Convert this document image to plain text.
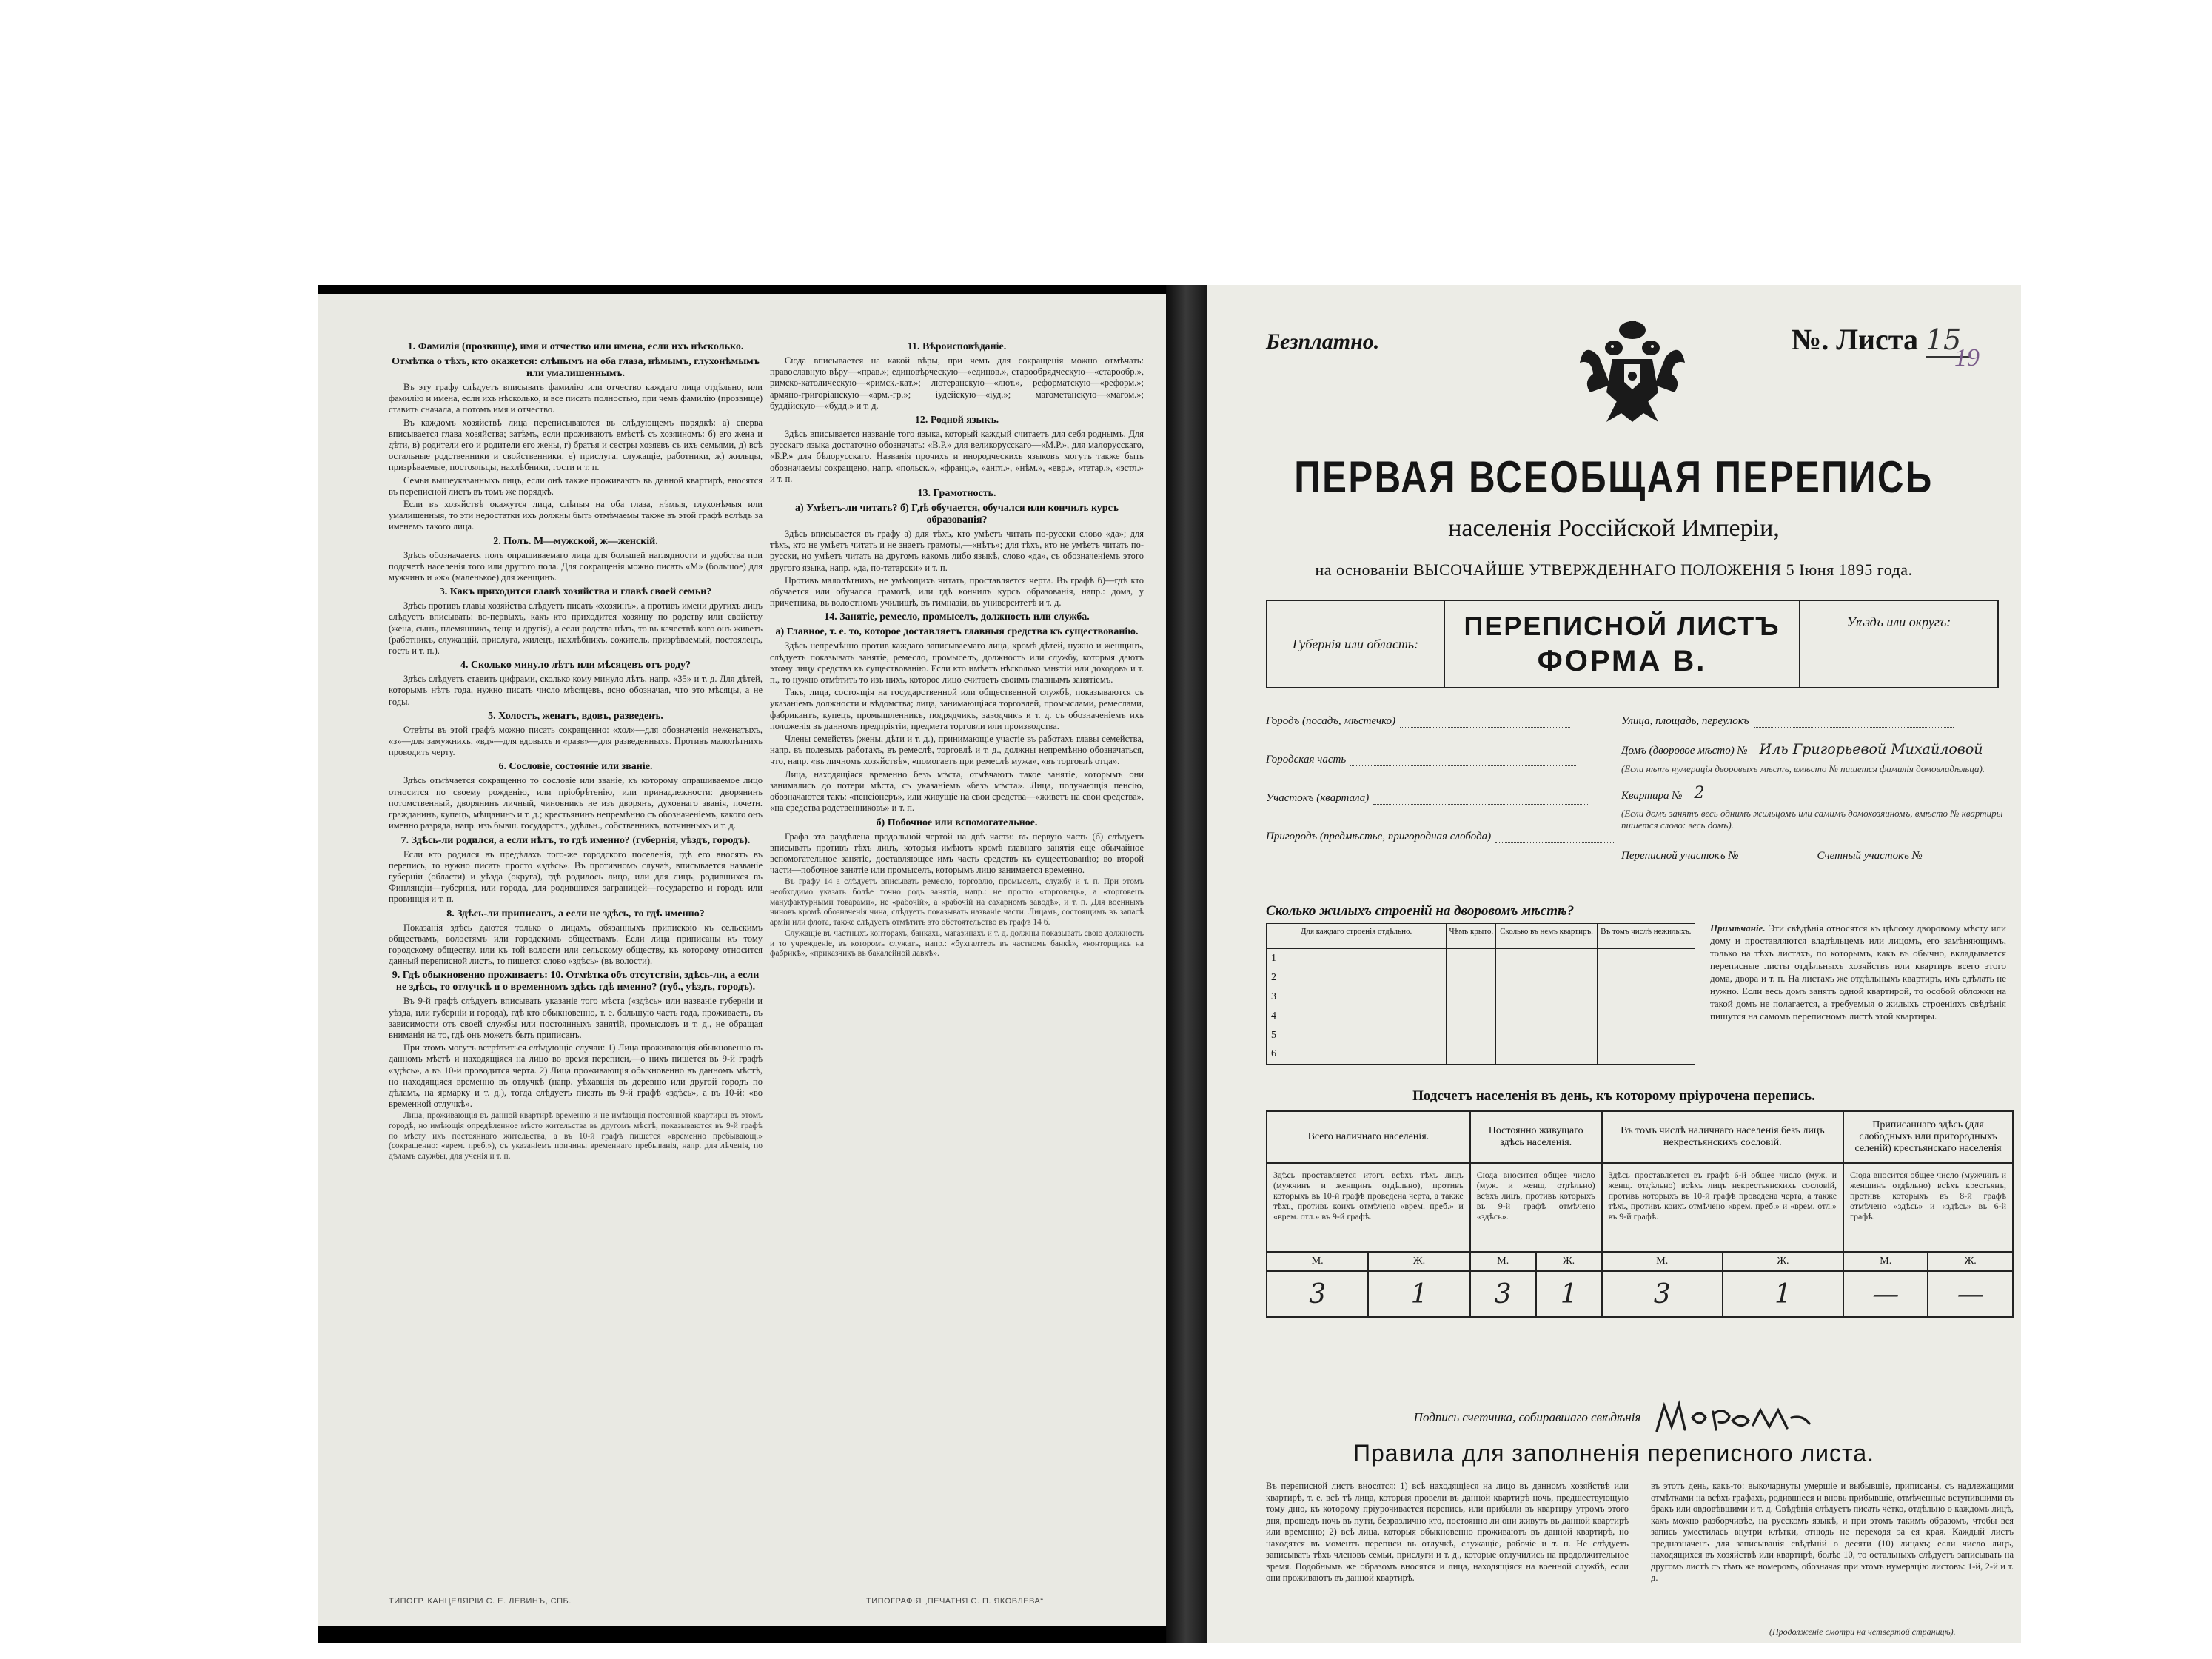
1. Фамилія (прозвище), имя и отчество или имена, если ихъ нѣсколько.
Отмѣтка о тѣхъ, кто окажется: слѣпымъ на оба глаза, нѣмымъ, глухонѣмымъ или умалишеннымъ.
Въ эту графу слѣдуетъ вписывать фамилію или отчество каждаго лица отдѣльно, или фамилію и имена, если ихъ нѣсколько, и все писать полностью, при чемъ фамилію (прозвище) ставить сначала, а потомъ имя и отчество.
Въ каждомъ хозяйствѣ лица переписываются въ слѣдующемъ порядкѣ: а) сперва вписывается глава хозяйства; затѣмъ, если проживаютъ вмѣстѣ съ хозяиномъ: б) его жена и дѣти, в) родители его и родители его жены, г) братья и сестры хозяевъ съ ихъ семьями, д) всѣ остальные родственники и свойственники, е) прислуга, служащіе, работники, ж) жильцы, призрѣваемые, постояльцы, нахлѣбники, гости и т. п.
Семьи вышеуказанныхъ лицъ, если онѣ также проживаютъ въ данной квартирѣ, вносятся въ переписной листъ въ томъ же порядкѣ.
Если въ хозяйствѣ окажутся лица, слѣпыя на оба глаза, нѣмыя, глухонѣмыя или умалишенныя, то эти недостатки ихъ должны быть отмѣчаемы также въ этой графѣ вслѣдъ за именемъ такого лица.
2. Полъ. М—мужской, ж—женскій.
Здѣсь обозначается полъ опрашиваемаго лица для большей наглядности и удобства при подсчетѣ населенія того или другого пола. Для сокращенія можно писать «М» (большое) для мужчинъ и «ж» (маленькое) для женщинъ.
3. Какъ приходится главѣ хозяйства и главѣ своей семьи?
Здѣсь противъ главы хозяйства слѣдуетъ писать «хозяинъ», а противъ имени другихъ лицъ слѣдуетъ вписывать: во-первыхъ, какъ кто приходится хозяину по родству или свойству (жена, сынъ, племянникъ, теща и другія), а если родства нѣтъ, то въ качествѣ кого онъ живетъ (работникъ, служащій, прислуга, жилецъ, нахлѣбникъ, сожитель, призрѣваемый, постоялецъ, гость и т. п.).
4. Сколько минуло лѣтъ или мѣсяцевъ отъ роду?
Здѣсь слѣдуетъ ставить цифрами, сколько кому минуло лѣтъ, напр. «35» и т. д. Для дѣтей, которымъ нѣтъ года, нужно писать число мѣсяцевъ, ясно обозначая, что это мѣсяцы, а не годы.
5. Холостъ, женатъ, вдовъ, разведенъ.
Отвѣты въ этой графѣ можно писать сокращенно: «хол»—для обозначенія неженатыхъ, «з»—для замужнихъ, «вд»—для вдовыхъ и «разв»—для разведенныхъ. Противъ малолѣтнихъ проводить черту.
6. Сословіе, состояніе или званіе.
Здѣсь отмѣчается сокращенно то сословіе или званіе, къ которому опрашиваемое лицо относится по своему рожденію, или пріобрѣтенію, или принадлежности: дворянинъ потомственный, дворянинъ личный, чиновникъ не изъ дворянъ, духовнаго званія, почетн. гражданинъ, купецъ, мѣщанинъ и т. д.; крестьянинъ непремѣнно съ обозначеніемъ, какого онъ именно разряда, напр. изъ бывш. государств., удѣльн., собственникъ, вотчинныхъ и т. д.
7. Здѣсь-ли родился, а если нѣтъ, то гдѣ именно? (губернія, уѣздъ, городъ).
Если кто родился въ предѣлахъ того-же городского поселенія, гдѣ его вносятъ въ перепись, то нужно писать просто «здѣсь». Въ противномъ случаѣ, вписывается названіе губерніи (области) и уѣзда (округа), гдѣ родилось лицо, или для лицъ, родившихся въ Финляндіи—губернія, или города, для родившихся заграницей—государство и городъ или провинція и т. п.
8. Здѣсь-ли приписанъ, а если не здѣсь, то гдѣ именно?
Показанія здѣсь даются только о лицахъ, обязанныхъ припискою къ сельскимъ обществамъ, волостямъ или городскимъ обществамъ. Если лица приписаны къ тому городскому обществу, или къ той волости или сельскому обществу, къ которому относится данный переписной листъ, то пишется слово «здѣсь» (въ волости).
9. Гдѣ обыкновенно проживаетъ: 10. Отмѣтка объ отсутствіи, здѣсь-ли, а если не здѣсь, то отлучкѣ и о временномъ здѣсь гдѣ именно? (губ., уѣздъ, городъ).
Въ 9-й графѣ слѣдуетъ вписывать указаніе того мѣста («здѣсь» или названіе губерніи и уѣзда, или губерніи и города), гдѣ кто обыкновенно, т. е. большую часть года, проживаетъ, въ зависимости отъ своей службы или постоянныхъ занятій, промысловъ и т. д., не обращая вниманія на то, гдѣ онъ можетъ быть приписанъ.
При этомъ могутъ встрѣтиться слѣдующіе случаи: 1) Лица проживающія обыкновенно въ данномъ мѣстѣ и находящіяся на лицо во время переписи,—о нихъ пишется въ 9-й графѣ «здѣсь», а въ 10-й проводится черта. 2) Лица проживающія обыкновенно въ данномъ мѣстѣ, но находящіяся временно въ отлучкѣ (напр. уѣхавшія въ деревню или другой городъ по дѣламъ, на ярмарку и т. д.), тогда слѣдуетъ писать въ 9-й графѣ «здѣсь», а въ 10-й: «во временной отлучкѣ».
Лица, проживающія въ данной квартирѣ временно и не имѣющія постоянной квартиры въ этомъ городѣ, но имѣющія опредѣленное мѣсто жительства въ другомъ мѣстѣ, показываются въ 9-й графѣ по мѣсту ихъ постояннаго жительства, а въ 10-й графѣ пишется «временно пребывающ.» (сокращенно: «врем. преб.»), съ указаніемъ причины временнаго пребыванія, напр. для лѣченія, по дѣламъ службы, для ученія и т. п.
11. Вѣроисповѣданіе.
Сюда вписывается на какой вѣры, при чемъ для сокращенія можно отмѣчать: православную вѣру—«прав.»; единовѣрческую—«единов.», старообрядческую—«старообр.», римско-католическую—«римск.-кат.»; лютеранскую—«лют.», реформатскую—«реформ.»; армяно-григоріанскую—«арм.-гр.»; іудейскую—«іуд.»; магометанскую—«магом.»; буддійскую—«будд.» и т. д.
12. Родной языкъ.
Здѣсь вписывается названіе того языка, который каждый считаетъ для себя роднымъ. Для русскаго языка достаточно обозначать: «В.Р.» для великорусскаго—«М.Р.», для малорусскаго, «Б.Р.» для бѣлорусскаго. Названія прочихъ и инородческихъ языковъ могутъ также быть обозначаемы сокращено, напр. «польск.», «франц.», «англ.», «нѣм.», «евр.», «татар.», «эстл.» и т. п.
13. Грамотность.
а) Умѣетъ-ли читать? б) Гдѣ обучается, обучался или кончилъ курсъ образованія?
Здѣсь вписывается въ графу а) для тѣхъ, кто умѣетъ читать по-русски слово «да»; для тѣхъ, кто не умѣетъ читать и не знаетъ грамоты,—«нѣтъ»; для тѣхъ, кто не умѣетъ читать по-русски, но умѣетъ читать на другомъ какомъ либо языкѣ, слово «да», съ обозначеніемъ этого другого языка, напр. «да, по-татарски» и т. п.
Противъ малолѣтнихъ, не умѣющихъ читать, проставляется черта. Въ графѣ б)—гдѣ кто обучается или обучался грамотѣ, или гдѣ кончилъ курсъ образованія, напр.: дома, у причетника, въ волостномъ училищѣ, въ гимназіи, въ университетѣ и т. д.
14. Занятіе, ремесло, промыселъ, должность или служба.
а) Главное, т. е. то, которое доставляетъ главныя средства къ существованію.
Здѣсь непремѣнно против каждаго записываемаго лица, кромѣ дѣтей, нужно и женщинъ, слѣдуетъ показывать занятіе, ремесло, промыселъ, должность или службу, которыя даютъ этому лицу средства къ существованію. Если кто имѣетъ нѣсколько занятій или доходовъ и т. п., то нужно отмѣтить то изъ нихъ, которое лицо считаетъ своимъ главнымъ занятіемъ.
Такъ, лица, состоящія на государственной или общественной службѣ, показываются съ указаніемъ должности и вѣдомства; лица, занимающіяся торговлей, промыслами, ремеслами, фабрикантъ, купецъ, промышленникъ, подрядчикъ, заводчикъ и т. д. съ обозначеніемъ ихъ положенія въ данномъ предпріятіи, предмета торговли или производства.
Члены семействъ (жены, дѣти и т. д.), принимающіе участіе въ работахъ главы семейства, напр. въ полевыхъ работахъ, въ ремеслѣ, торговлѣ и т. д., должны непремѣнно обозначаться, что, напр. «въ личномъ хозяйствѣ», «помогаетъ при ремеслѣ мужа», «въ торговлѣ отца».
Лица, находящіяся временно безъ мѣста, отмѣчаютъ такое занятіе, которымъ они занимались до потери мѣста, съ указаніемъ «безъ мѣста». Лица, получающія пенсію, обозначаются такъ: «пенсіонеръ», или живущіе на свои средства—«живетъ на свои средства», «на средства родственниковъ» и т. п.
б) Побочное или вспомогательное.
Графа эта раздѣлена продольной чертой на двѣ части: въ первую часть (б) слѣдуетъ вписывать противъ тѣхъ лицъ, которыя имѣютъ кромѣ главнаго занятія еще обычайное вспомогательное занятіе, доставляющее имъ часть средствъ къ существованію; во второй части—побочное занятіе или промыселъ, которымъ лицо занимается временно.
Въ графу 14 а слѣдуетъ вписывать ремесло, торговлю, промыселъ, службу и т. п. При этомъ необходимо указать болѣе точно родъ занятія, напр.: не просто «торговецъ», а «торговецъ мануфактурными товарами», не «рабочій», а «рабочій на сахарномъ заводѣ», и т. п. Для военныхъ чиновъ кромѣ обозначенія чина, слѣдуетъ показывать названіе части. Лицамъ, состоящимъ въ запасѣ арміи или флота, также слѣдуетъ отмѣтить это обстоятельство въ графѣ 14 б.
Служащіе въ частныхъ конторахъ, банкахъ, магазинахъ и т. д. должны показывать свою должность и то учрежденіе, въ которомъ служатъ, напр.: «бухгалтеръ въ частномъ банкѣ», «конторщикъ на фабрикѣ», «приказчикъ въ бакалейной лавкѣ».
ТИПОГР. КАНЦЕЛЯРІИ С. Е. ЛЕВИНЪ, СПБ.	ТИПОГРАФІЯ „ПЕЧАТНЯ С. П. ЯКОВЛЕВА“
Безплатно.	№. Листа 15
19
ПЕРВАЯ ВСЕОБЩАЯ ПЕРЕПИСЬ
населенія Россійской Имперіи,
на основаніи ВЫСОЧАЙШЕ УТВЕРЖДЕННАГО ПОЛОЖЕНІЯ 5 Іюня 1895 года.
Губернія или область:
ПЕРЕПИСНОЙ ЛИСТЪ
ФОРМА В.
Уѣздъ или округъ:
Городъ (посадъ, мѣстечко)
Городская часть
Участокъ (квартала)
Пригородъ (предмѣстье, пригородная слобода)
Улица, площадь, переулокъ
Домъ (дворовое мѣсто) № Иль Григорьевой Михайловой
(Если нѣтъ нумерація дворовыхъ мѣстъ, вмѣсто № пишется фамилія домовладѣльца).
Квартира № 2
(Если домъ занятъ весь однимъ жильцомъ или самимъ домохозяиномъ, вмѣсто № квартиры пишется слово: весь домъ).
Переписной участокъ №	Счетный участокъ №
Сколько жилыхъ строеній на дворовомъ мѣстѣ?
Для каждаго строенія отдѣльно.	Чѣмъ крыто.	Сколько въ немъ квартиръ.	Въ томъ числѣ нежилыхъ.
1			
2			
3			
4			
5			
6			
Примѣчаніе. Эти свѣдѣнія относятся къ цѣлому дворовому мѣсту или дому и проставляются владѣльцемъ или лицомъ, его замѣняющимъ, только на тѣхъ листахъ, по которымъ, какъ въ обычно, вкладывается переписные листы отдѣльныхъ хозяйствъ или квартиръ всего этого дома, двора и т. п. На листахъ же отдѣльныхъ квартиръ, ихъ сдѣлать не нужно. Если весь домъ занятъ одной квартирой, то особой обложки на такой домъ не полагается, а требуемыя о жилыхъ строеніяхъ свѣдѣнія пишутся на самомъ переписномъ листѣ этой квартиры.
Подсчетъ населенія въ день, къ которому пріурочена перепись.
Всего наличнаго населенія.		Постоянно живущаго здѣсь населенія.		Въ томъ числѣ наличнаго населенія безъ лицъ некрестьянскихъ сословій.		Приписаннаго здѣсь (для слободныхъ или пригородныхъ селеній) крестьянскаго населенія	
Здѣсь проставляется итогъ всѣхъ тѣхъ лицъ (мужчинъ и женщинъ отдѣльно), противъ которыхъ въ 10-й графѣ проведена черта, а также тѣхъ, противъ коихъ отмѣчено «врем. преб.» и «врем. отл.» въ 9-й графѣ.		Сюда вносится общее число (муж. и женщ. отдѣльно) всѣхъ лицъ, противъ которыхъ въ 9-й графѣ отмѣчено «здѣсь».		Здѣсь проставляется въ графѣ 6-й общее число (муж. и женщ. отдѣльно) всѣхъ лицъ некрестьянскихъ сословій, противъ которыхъ въ 10-й графѣ проведена черта, а также тѣхъ, противъ коихъ отмѣчено «врем. преб.» и «врем. отл.» въ 9-й графѣ.		Сюда вносится общее число (мужчинъ и женщинъ отдѣльно) всѣхъ крестьянъ, противъ которыхъ въ 8-й графѣ отмѣчено «здѣсь» и «здѣсь» въ 6-й графѣ.	
М.	Ж.	М.	Ж.	М.	Ж.	М.	Ж.
3	1	3	1	3	1	—	—
Подпись счетчика, собиравшаго свѣдѣнія
Правила для заполненія переписного листа.
Въ переписной листъ вносятся: 1) всѣ находящіеся на лицо въ данномъ хозяйствѣ или квартирѣ, т. е. всѣ тѣ лица, которыя провели въ данной квартирѣ ночь, предшествующую тому дню, къ которому пріурочивается перепись, или прибыли въ квартиру утромъ этого дня, прошедъ ночь въ пути, безразлично кто, постоянно ли они живутъ въ данной квартирѣ или временно; 2) всѣ лица, которыя обыкновенно проживаютъ въ данной квартирѣ, но находятся въ моментъ переписи въ отлучкѣ, служащіе, рабочіе и т. п. Не слѣдуетъ записывать тѣхъ членовъ семьи, прислуги и т. д., которые отлучились на продолжительное время. Подобнымъ же образомъ вносятся и лица, находящіяся на военной службѣ, если они проживаютъ въ данной квартирѣ.
въ этотъ день, какъ-то: выкочарнуты умершіе и выбывшіе, приписаны, съ надлежащими отмѣтками на всѣхъ графахъ, родившіеся и вновь прибывшіе, отмѣченные вступившими въ бракъ или овдовѣвшими и т. д. Свѣдѣнія слѣдуетъ писать чётко, отдѣльно о каждомъ лицѣ, какъ можно разборчивѣе, на русскомъ языкѣ, и при этомъ такимъ образомъ, чтобы вся запись уместилась внутри клѣтки, отнюдь не переходя за ея края. Каждый листъ предназначенъ для записыванія свѣдѣній о десяти (10) лицахъ; если число лицъ, находящихся въ хозяйствѣ или квартирѣ, болѣе 10, то остальныхъ слѣдуетъ записывать на другомъ листѣ съ тѣмъ же номеромъ, обозначая при этомъ нумерацію листовъ: 1-й, 2-й и т. д.
(Продолженіе смотри на четвертой страницѣ).
